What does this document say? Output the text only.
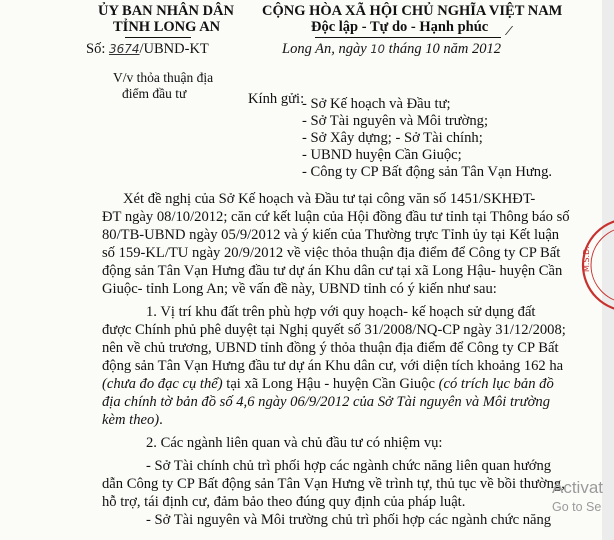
ỦY BAN NHÂN DÂN
TỈNH LONG AN
CỘNG HÒA XÃ HỘI CHỦ NGHĨA VIỆT NAM
Độc lập - Tự do - Hạnh phúc ⁄
Số: 3674/UBND-KT	Long An, ngày 10 tháng 10 năm 2012
V/v thỏa thuận địa
điểm đầu tư	Kính gửi:
- Sở Kế hoạch và Đầu tư;
- Sở Tài nguyên và Môi trường;
- Sở Xây dựng; - Sở Tài chính;
- UBND huyện Cần Giuộc;
- Công ty CP Bất động sản Tân Vạn Hưng.
Xét đề nghị của Sở Kế hoạch và Đầu tư tại công văn số 1451/SKHĐT-
ĐT ngày 08/10/2012; căn cứ kết luận của Hội đồng đầu tư tỉnh tại Thông báo số
80/TB-UBND ngày 05/9/2012 và ý kiến của Thường trực Tỉnh ủy tại Kết luận
số 159-KL/TU ngày 20/9/2012 về việc thỏa thuận địa điểm để Công ty CP Bất
động sản Tân Vạn Hưng đầu tư dự án Khu dân cư tại xã Long Hậu- huyện Cần
Giuộc- tỉnh Long An; về vấn đề này, UBND tỉnh có ý kiến như sau:
1. Vị trí khu đất trên phù hợp với quy hoạch- kế hoạch sử dụng đất
được Chính phủ phê duyệt tại Nghị quyết số 31/2008/NQ-CP ngày 31/12/2008;
nên về chủ trương, UBND tỉnh đồng ý thỏa thuận địa điểm để Công ty CP Bất
động sản Tân Vạn Hưng đầu tư dự án Khu dân cư, với diện tích khoảng 162 ha
(chưa đo đạc cụ thể) tại xã Long Hậu - huyện Cần Giuộc (có trích lục bản đồ
địa chính tờ bản đồ số 4,6 ngày 06/9/2012 của Sở Tài nguyên và Môi trường
kèm theo).
2. Các ngành liên quan và chủ đầu tư có nhiệm vụ:
- Sở Tài chính chủ trì phối hợp các ngành chức năng liên quan hướng
dẫn Công ty CP Bất động sản Tân Vạn Hưng về trình tự, thủ tục về bồi thường,
hỗ trợ, tái định cư, đảm bảo theo đúng quy định của pháp luật.
- Sở Tài nguyên và Môi trường chủ trì phối hợp các ngành chức năng
M.S.D.
Activat
Go to Se
